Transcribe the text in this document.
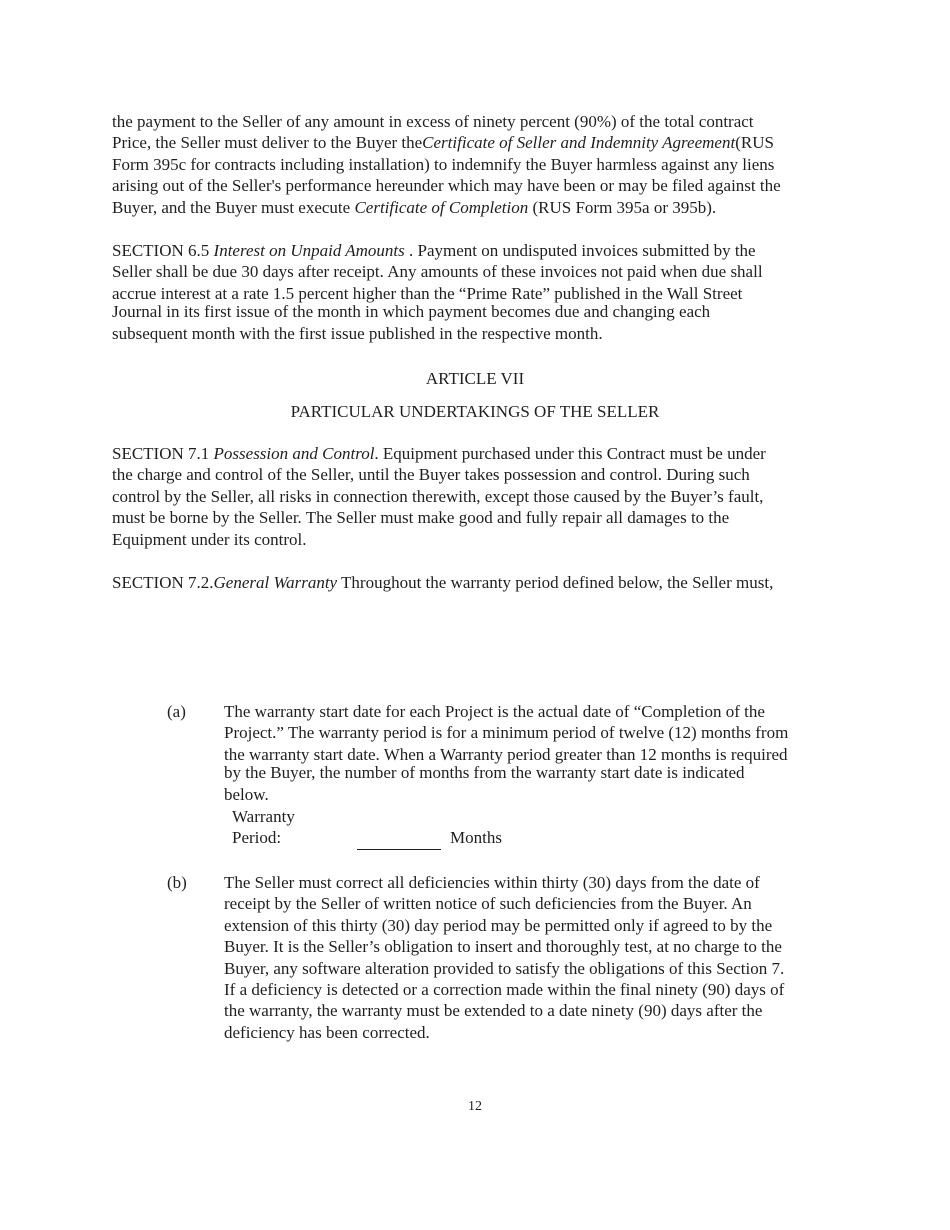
the payment to the Seller of any amount in excess of ninety percent (90%) of the total contract
Price, the Seller must deliver to the Buyer theCertificate of Seller and Indemnity Agreement(RUS
Form 395c for contracts including installation) to indemnify the Buyer harmless against any liens
arising out of the Seller's performance hereunder which may have been or may be filed against the
Buyer, and the Buyer must execute Certificate of Completion (RUS Form 395a or 395b).
SECTION 6.5 Interest on Unpaid Amounts . Payment on undisputed invoices submitted by the
Seller shall be due 30 days after receipt. Any amounts of these invoices not paid when due shall
accrue interest at a rate 1.5 percent higher than the “Prime Rate” published in the Wall Street
Journal in its first issue of the month in which payment becomes due and changing each
subsequent month with the first issue published in the respective month.
ARTICLE VII
PARTICULAR UNDERTAKINGS OF THE SELLER
SECTION 7.1 Possession and Control. Equipment purchased under this Contract must be under
the charge and control of the Seller, until the Buyer takes possession and control. During such
control by the Seller, all risks in connection therewith, except those caused by the Buyer’s fault,
must be borne by the Seller. The Seller must make good and fully repair all damages to the
Equipment under its control.
SECTION 7.2.General Warranty Throughout the warranty period defined below, the Seller must,
(a) The warranty start date for each Project is the actual date of “Completion of the
Project.” The warranty period is for a minimum period of twelve (12) months from
the warranty start date. When a Warranty period greater than 12 months is required
by the Buyer, the number of months from the warranty start date is indicated
below.
Warranty
Period:	Months
(b) The Seller must correct all deficiencies within thirty (30) days from the date of
receipt by the Seller of written notice of such deficiencies from the Buyer. An
extension of this thirty (30) day period may be permitted only if agreed to by the
Buyer. It is the Seller’s obligation to insert and thoroughly test, at no charge to the
Buyer, any software alteration provided to satisfy the obligations of this Section 7.
If a deficiency is detected or a correction made within the final ninety (90) days of
the warranty, the warranty must be extended to a date ninety (90) days after the
deficiency has been corrected.
12
